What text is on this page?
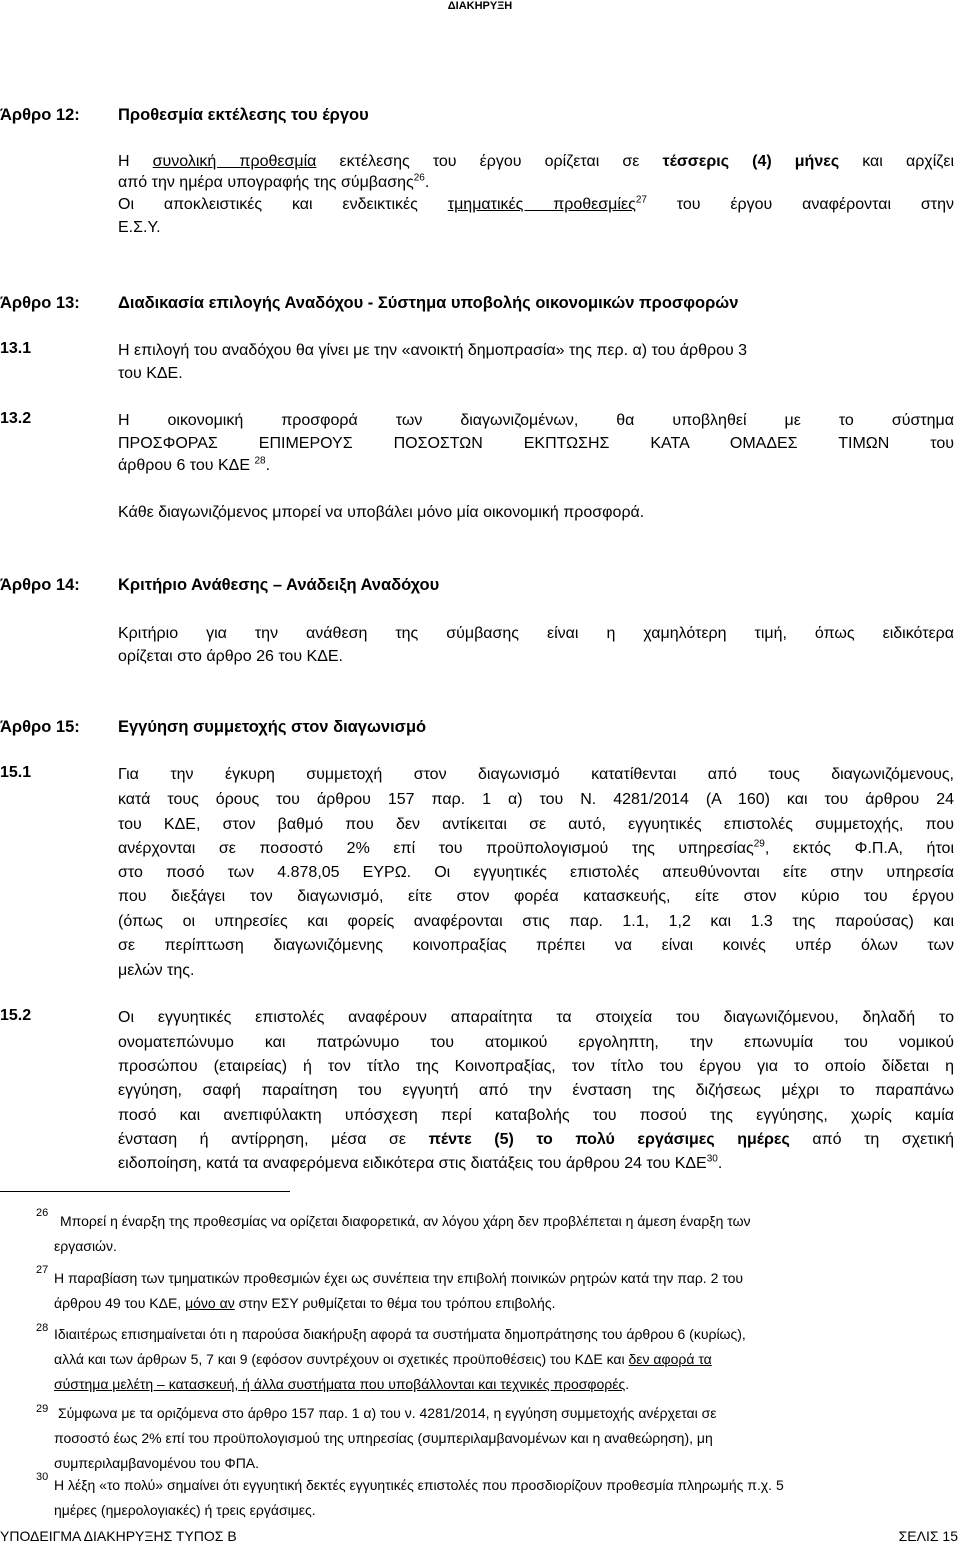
ΔΙΑΚΗΡΥΞΗ
Άρθρο 12: Προθεσμία εκτέλεσης του έργου
Η συνολική προθεσμία εκτέλεσης του έργου ορίζεται σε τέσσερις (4) μήνες και αρχίζει
από την ημέρα υπογραφής της σύμβασης$^{26}$.
Οι αποκλειστικές και ενδεικτικές τμηματικές προθεσμίες$^{27}$ του έργου αναφέρονται στην
Ε.Σ.Υ.
Άρθρο 13: Διαδικασία επιλογής Αναδόχου - Σύστημα υποβολής οικονομικών προσφορών
13.1	Η επιλογή του αναδόχου θα γίνει με την «ανοικτή δημοπρασία» της περ. α) του άρθρου 3
του ΚΔΕ.
13.2	Η οικονομική προσφορά των διαγωνιζομένων, θα υποβληθεί με το σύστημα
ΠΡΟΣΦΟΡΑΣ ΕΠΙΜΕΡΟΥΣ ΠΟΣΟΣΤΩΝ ΕΚΠΤΩΣΗΣ ΚΑΤΑ ΟΜΑΔΕΣ ΤΙΜΩΝ του
άρθρου 6 του ΚΔΕ $^{28}$.
Κάθε διαγωνιζόμενος μπορεί να υποβάλει μόνο μία οικονομική προσφορά.
Άρθρο 14: Κριτήριο Ανάθεσης – Ανάδειξη Αναδόχου
Κριτήριο για την ανάθεση της σύμβασης είναι η χαμηλότερη τιμή, όπως ειδικότερα
ορίζεται στο άρθρο 26 του ΚΔΕ.
Άρθρο 15: Εγγύηση συμμετοχής στον διαγωνισμό
15.1	Για την έγκυρη συμμετοχή στον διαγωνισμό κατατίθενται από τους διαγωνιζόμενους,
κατά τους όρους του άρθρου 157 παρ. 1 α) του Ν. 4281/2014 (Α 160) και του άρθρου 24
του ΚΔΕ, στον βαθμό που δεν αντίκειται σε αυτό, εγγυητικές επιστολές συμμετοχής, που
ανέρχονται σε ποσοστό 2% επί του προϋπολογισμού της υπηρεσίας$^{29}$, εκτός Φ.Π.Α, ήτοι
στο ποσό των 4.878,05 ΕΥΡΩ. Οι εγγυητικές επιστολές απευθύνονται είτε στην υπηρεσία
που διεξάγει τον διαγωνισμό, είτε στον φορέα κατασκευής, είτε στον κύριο του έργου
(όπως οι υπηρεσίες και φορείς αναφέρονται στις παρ. 1.1, 1,2 και 1.3 της παρούσας) και
σε περίπτωση διαγωνιζόμενης κοινοπραξίας πρέπει να είναι κοινές υπέρ όλων των
μελών της.
15.2	Οι εγγυητικές επιστολές αναφέρουν απαραίτητα τα στοιχεία του διαγωνιζόμενου, δηλαδή το
ονοματεπώνυμο και πατρώνυμο του ατομικού εργοληπτη, την επωνυμία του νομικού
προσώπου (εταιρείας) ή τον τίτλο της Κοινοπραξίας, τον τίτλο του έργου για το οποίο δίδεται η
εγγύηση, σαφή παραίτηση του εγγυητή από την ένσταση της διζήσεως μέχρι το παραπάνω
ποσό και ανεπιφύλακτη υπόσχεση περί καταβολής του ποσού της εγγύησης, χωρίς καμία
ένσταση ή αντίρρηση, μέσα σε πέντε (5) το πολύ εργάσιμες ημέρες από τη σχετική
ειδοποίηση, κατά τα αναφερόμενα ειδικότερα στις διατάξεις του άρθρου 24 του ΚΔΕ$^{30}$.
26 Μπορεί η έναρξη της προθεσμίας να ορίζεται διαφορετικά, αν λόγου χάρη δεν προβλέπεται η άμεση έναρξη των
εργασιών.
27 Η παραβίαση των τμηματικών προθεσμιών έχει ως συνέπεια την επιβολή ποινικών ρητρών κατά την παρ. 2 του
άρθρου 49 του ΚΔΕ, μόνο αν στην ΕΣΥ ρυθμίζεται το θέμα του τρόπου επιβολής.
28 Ιδιαιτέρως επισημαίνεται ότι η παρούσα διακήρυξη αφορά τα συστήματα δημοπράτησης του άρθρου 6 (κυρίως),
αλλά και των άρθρων 5, 7 και 9 (εφόσον συντρέχουν οι σχετικές προϋποθέσεις) του ΚΔΕ και δεν αφορά τα
σύστημα μελέτη – κατασκευή, ή άλλα συστήματα που υποβάλλονται και τεχνικές προσφορές.
29 Σύμφωνα με τα οριζόμενα στο άρθρο 157 παρ. 1 α) του ν. 4281/2014, η εγγύηση συμμετοχής ανέρχεται σε
ποσοστό έως 2% επί του προϋπολογισμού της υπηρεσίας (συμπεριλαμβανομένων και η αναθεώρηση), μη
συμπεριλαμβανομένου του ΦΠΑ.
30 Η λέξη «το πολύ» σημαίνει ότι εγγυητική δεκτές εγγυητικές επιστολές που προσδιορίζουν προθεσμία πληρωμής π.χ. 5
ημέρες (ημερολογιακές) ή τρεις εργάσιμες.
ΥΠΟΔΕΙΓΜΑ ΔΙΑΚΗΡΥΞΗΣ ΤΥΠΟΣ Β	ΣΕΛΙΣ 15
